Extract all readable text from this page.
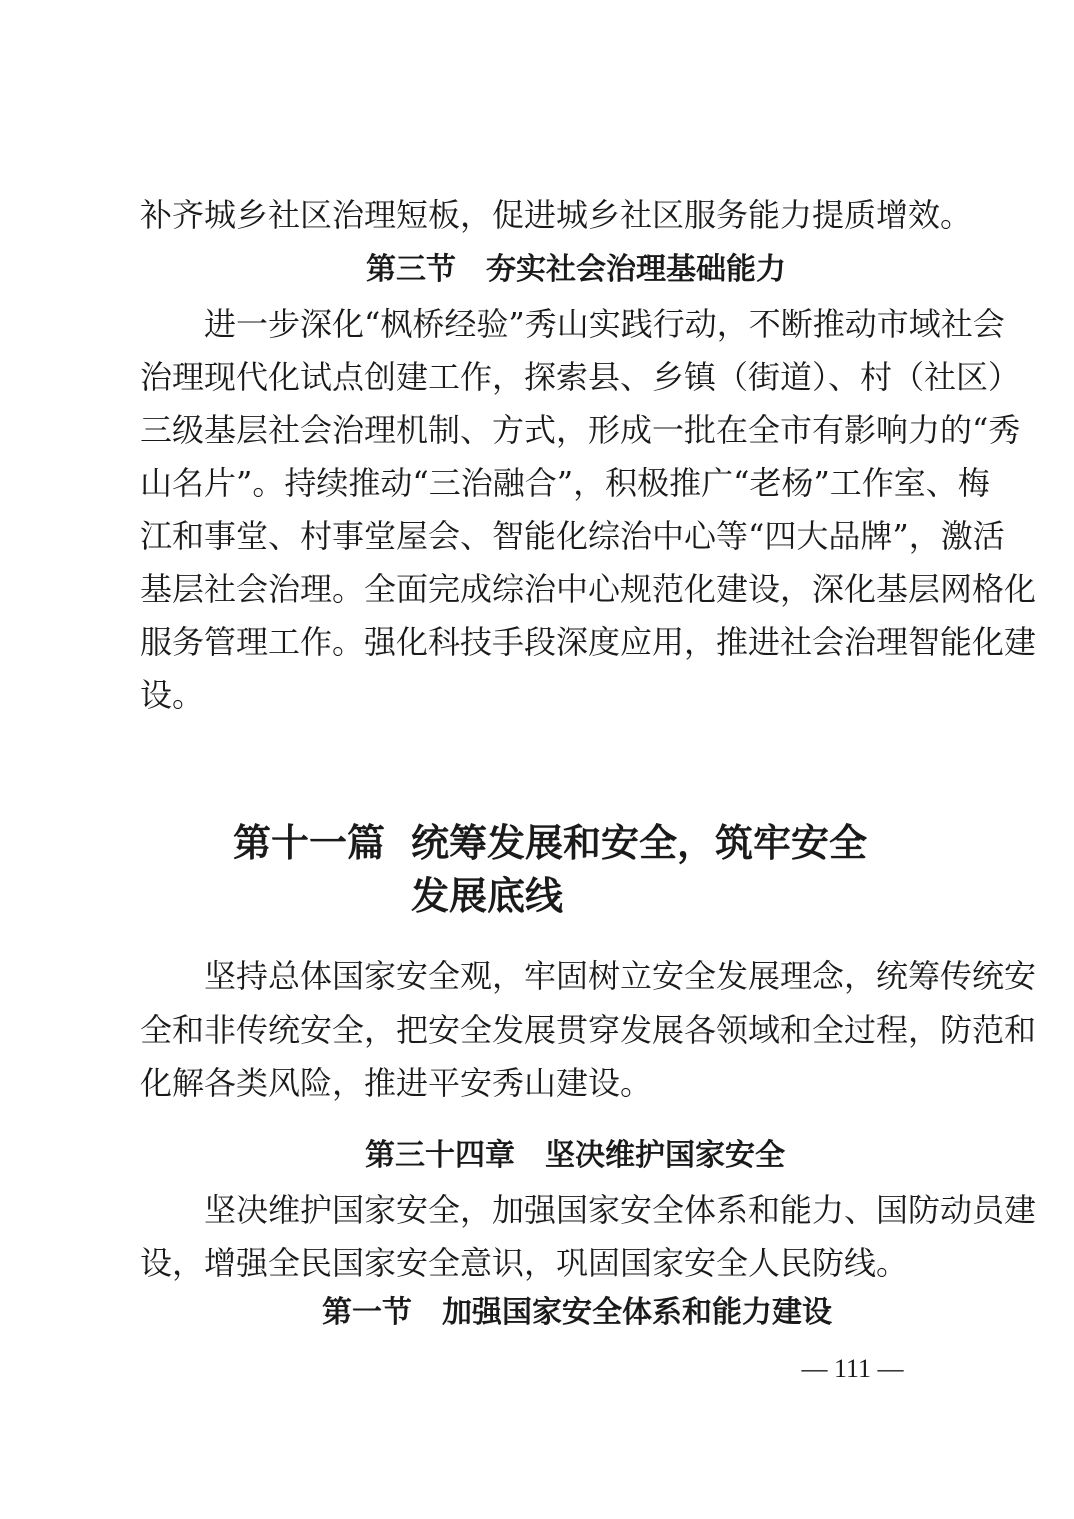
补齐城乡社区治理短板，促进城乡社区服务能力提质增效。
第三节　夯实社会治理基础能力
进一步深化“枫桥经验”秀山实践行动，不断推动市域社会
治理现代化试点创建工作，探索县、乡镇（街道）、村（社区）
三级基层社会治理机制、方式，形成一批在全市有影响力的“秀
山名片”。持续推动“三治融合”，积极推广“老杨”工作室、梅
江和事堂、村事堂屋会、智能化综治中心等“四大品牌”，激活
基层社会治理。全面完成综治中心规范化建设，深化基层网格化
服务管理工作。强化科技手段深度应用，推进社会治理智能化建
设。
第十一篇 统筹发展和安全，筑牢安全
发展底线
坚持总体国家安全观，牢固树立安全发展理念，统筹传统安
全和非传统安全，把安全发展贯穿发展各领域和全过程，防范和
化解各类风险，推进平安秀山建设。
第三十四章　坚决维护国家安全
坚决维护国家安全，加强国家安全体系和能力、国防动员建
设，增强全民国家安全意识，巩固国家安全人民防线。
第一节　加强国家安全体系和能力建设
— 111 —
